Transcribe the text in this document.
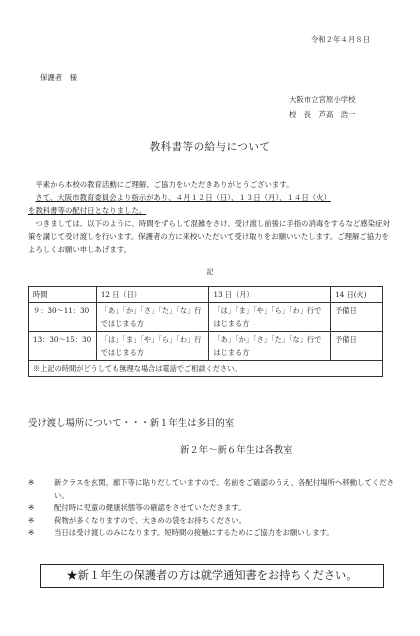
令和２年４月８日
保護者　様
大阪市立宮原小学校
校　長　芦高　浩一
教科書等の給与について

　平素から本校の教育活動にご理解、ご協力をいただきありがとうございます。

　さて、大阪市教育委員会より指示があり、４月１２日（日）、１３日（月）、１４日（火）
を教科書等の配付日となりました。

　つきましては、以下のように、時間をずらして混雑をさけ、受け渡し前後に手指の消毒をするなど感染症対策を講じて受け渡しを行います。保護者の方に来校いただいて受け取りをお願いいたします。ご理解ご協力をよろしくお願い申しあげます。

記
時間	12 日（日）	13 日（月）	14 日(火)
９：30～11：30	「あ」「か」「さ」「た」「な」行ではじまる方	「は」「ま」「や」「ら」「わ」行ではじまる方	予備日
13：30～15：30	「は」「ま」「や」「ら」「わ」行ではじまる方	「あ」「か」「さ」「た」「な」行ではじまる方	予備日
※上記の時間がどうしても無理な場合は電話でご相談ください。			
受け渡し場所について・・・新１年生は多目的室
新２年～新６年生は各教室
※	新クラスを玄関、廊下等に貼りだしていますので、名前をご確認のうえ、各配付場所へ移動してください。
※	配付時に児童の健康状態等の確認をさせていただきます。
※	荷物が多くなりますので、大きめの袋をお持ちください。
※	当日は受け渡しのみになります。短時間の接触にするためにご協力をお願いします。
★新１年生の保護者の方は就学通知書をお持ちください。
